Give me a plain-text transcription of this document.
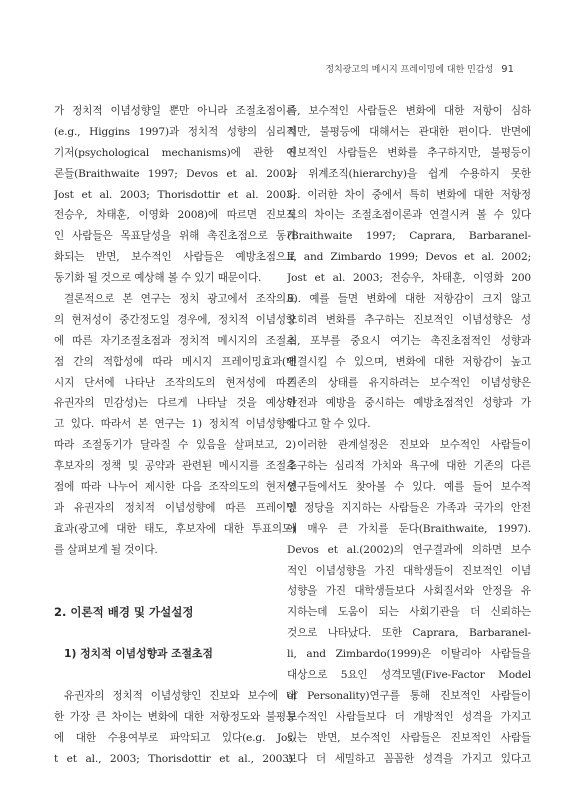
정치광고의 메시지 프레이밍에 대한 민감성 91
가 정치적 이념성향일 뿐만 아니라 조절초점이론
(e.g., Higgins 1997)과 정치적 성향의 심리적
기저(psychological mechanisms)에 관한 이
론들(Braithwaite 1997; Devos et al. 2002;
Jost et al. 2003; Thorisdottir et al. 2003;
전승우, 차태훈, 이영화 2008)에 따르면 진보적
인 사람들은 목표달성을 위해 촉진초점으로 동기
화되는 반면, 보수적인 사람들은 예방초점으로
동기화 될 것으로 예상해 볼 수 있기 때문이다.
결론적으로 본 연구는 정치 광고에서 조작의도
의 현저성이 중간정도일 경우에, 정치적 이념성향
에 따른 자기조절초점과 정치적 메시지의 조절초
점 간의 적합성에 따라 메시지 프레이밍효과(메
시지 단서에 나타난 조작의도의 현저성에 따른
유권자의 민감성)는 다르게 나타날 것을 예상하
고 있다. 따라서 본 연구는 1) 정치적 이념성향에
따라 조절동기가 달라질 수 있음을 살펴보고, 2)
후보자의 정책 및 공약과 관련된 메시지를 조절초
점에 따라 나누어 제시한 다음 조작의도의 현저성
과 유권자의 정치적 이념성향에 따른 프레이밍
효과(광고에 대한 태도, 후보자에 대한 투표의도)
를 살펴보게 될 것이다.
2. 이론적 배경 및 가설설정
1) 정치적 이념성향과 조절초점
유권자의 정치적 이념성향인 진보와 보수에 대
한 가장 큰 차이는 변화에 대한 저항정도와 불평등
에 대한 수용여부로 파악되고 있다(e.g. Jos-
t et al., 2003; Thorisdottir et al., 2003).
즉, 보수적인 사람들은 변화에 대한 저항이 심하
지만, 불평등에 대해서는 관대한 편이다. 반면에
진보적인 사람들은 변화를 추구하지만, 불평등이
나 위계조직(hierarchy)을 쉽게 수용하지 못한
다. 이러한 차이 중에서 특히 변화에 대한 저항정
도의 차이는 조절초점이론과 연결시켜 볼 수 있다
(Braithwaite 1997; Caprara, Barbaranel-
li, and Zimbardo 1999; Devos et al. 2002;
Jost et al. 2003; 전승우, 차태훈, 이영화 200
8). 예를 들면 변화에 대한 저항감이 크지 않고
오히려 변화를 추구하는 진보적인 이념성향은 성
취, 포부를 중요시 여기는 촉진초점적인 성향과
연결시킬 수 있으며, 변화에 대한 저항감이 높고
기존의 상태를 유지하려는 보수적인 이념성향은
안전과 예방을 중시하는 예방초점적인 성향과 가
깝다고 할 수 있다.
이러한 관계설정은 진보와 보수적인 사람들이
추구하는 심리적 가치와 욕구에 대한 기존의 다른
연구들에서도 찾아볼 수 있다. 예를 들어 보수적
인 정당을 지지하는 사람들은 가족과 국가의 안전
에 매우 큰 가치를 둔다(Braithwaite, 1997).
Devos et al.(2002)의 연구결과에 의하면 보수
적인 이념성향을 가진 대학생들이 진보적인 이념
성향을 가진 대학생들보다 사회질서와 안정을 유
지하는데 도움이 되는 사회기관을 더 신뢰하는
것으로 나타났다. 또한 Caprara, Barbaranel-
li, and Zimbardo(1999)은 이탈리아 사람들을
대상으로 5요인 성격모델(Five-Factor Model
of Personality)연구를 통해 진보적인 사람들이
보수적인 사람들보다 더 개방적인 성격을 가지고
있는 반면, 보수적인 사람들은 진보적인 사람들
보다 더 세밀하고 꼼꼼한 성격을 가지고 있다고
